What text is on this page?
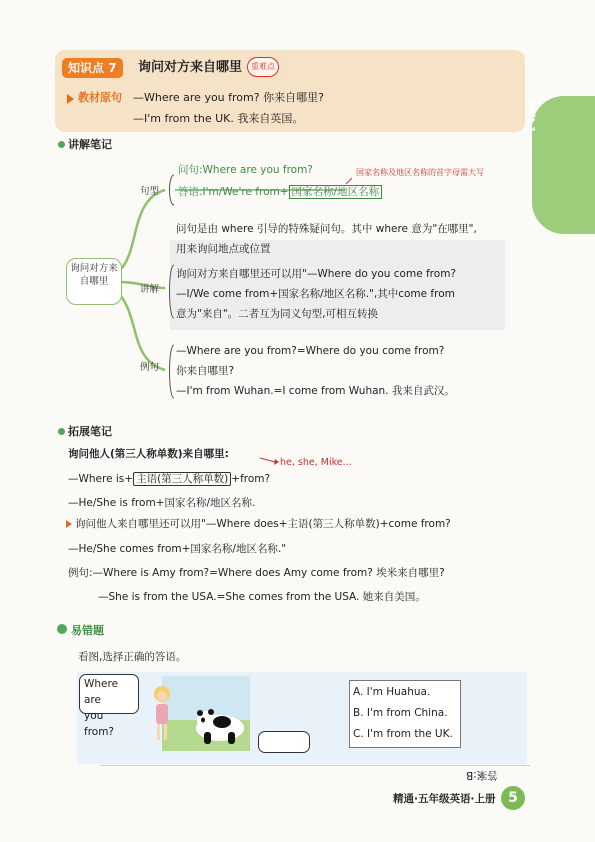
知识点 7	询问对方来自哪里	重难点
教材原句 —Where are you from? 你来自哪里?
—I'm from the UK. 我来自英国。	Unit 1
讲解笔记
询问对方来自哪里
句型
讲解
例句
问句:Where are you from?
答语:I'm/We're from+ 国家名称/地区名称
国家名称及地区名称的首字母需大写
问句是由 where 引导的特殊疑问句。其中 where 意为"在哪里",
用来询问地点或位置
询问对方来自哪里还可以用"—Where do you come from?
—I/We come from+国家名称/地区名称.",其中come from
意为"来自"。二者互为同义句型,可相互转换
—Where are you from?=Where do you come from?
你来自哪里?
—I'm from Wuhan.=I come from Wuhan. 我来自武汉。
拓展笔记
询问他人(第三人称单数)来自哪里:
he, she, Mike...
—Where is+ 主语(第三人称单数) +from?
—He/She is from+国家名称/地区名称.
询问他人来自哪里还可以用"—Where does+主语(第三人称单数)+come from?
—He/She comes from+国家名称/地区名称."
例句:—Where is Amy from?=Where does Amy come from? 埃米来自哪里?
—She is from the USA.=She comes from the USA. 她来自美国。
易错题
看图,选择正确的答语。
Where are
you from?
A. I'm Huahua.
B. I'm from China.
C. I'm from the UK.
答案:B
精通·五年级英语·上册 5
